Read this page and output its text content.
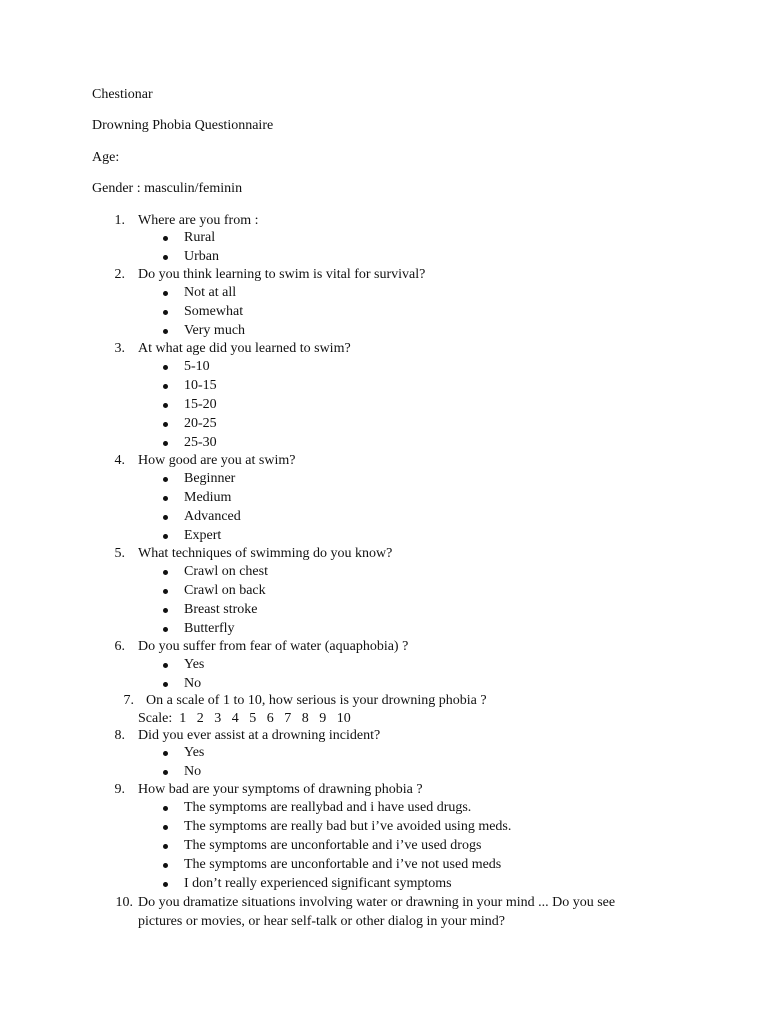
Chestionar
Drowning Phobia Questionnaire
Age:
Gender : masculin/feminin
1. Where are you from :
Rural
Urban
2. Do you think learning to swim is vital for survival?
Not at all
Somewhat
Very much
3. At what age did you learned to swim?
5-10
10-15
15-20
20-25
25-30
4. How good are you at swim?
Beginner
Medium
Advanced
Expert
5. What techniques of swimming do you know?
Crawl on chest
Crawl on back
Breast stroke
Butterfly
6. Do you suffer from fear of water (aquaphobia) ?
Yes
No
7. On a scale of 1 to 10, how serious is your drowning phobia ?
Scale:  1   2   3   4   5   6   7   8   9   10
8. Did you ever assist at a drowning incident?
Yes
No
9. How bad are your symptoms of drawning phobia ?
The symptoms are reallybad and i have used drugs.
The symptoms are really bad but i’ve avoided using meds.
The symptoms are unconfortable and i’ve used drogs
The symptoms are unconfortable and i’ve not used meds
I don’t really experienced significant symptoms
10. Do you dramatize situations involving water or drawning in your mind ... Do you see
pictures or movies, or hear self-talk or other dialog in your mind?
